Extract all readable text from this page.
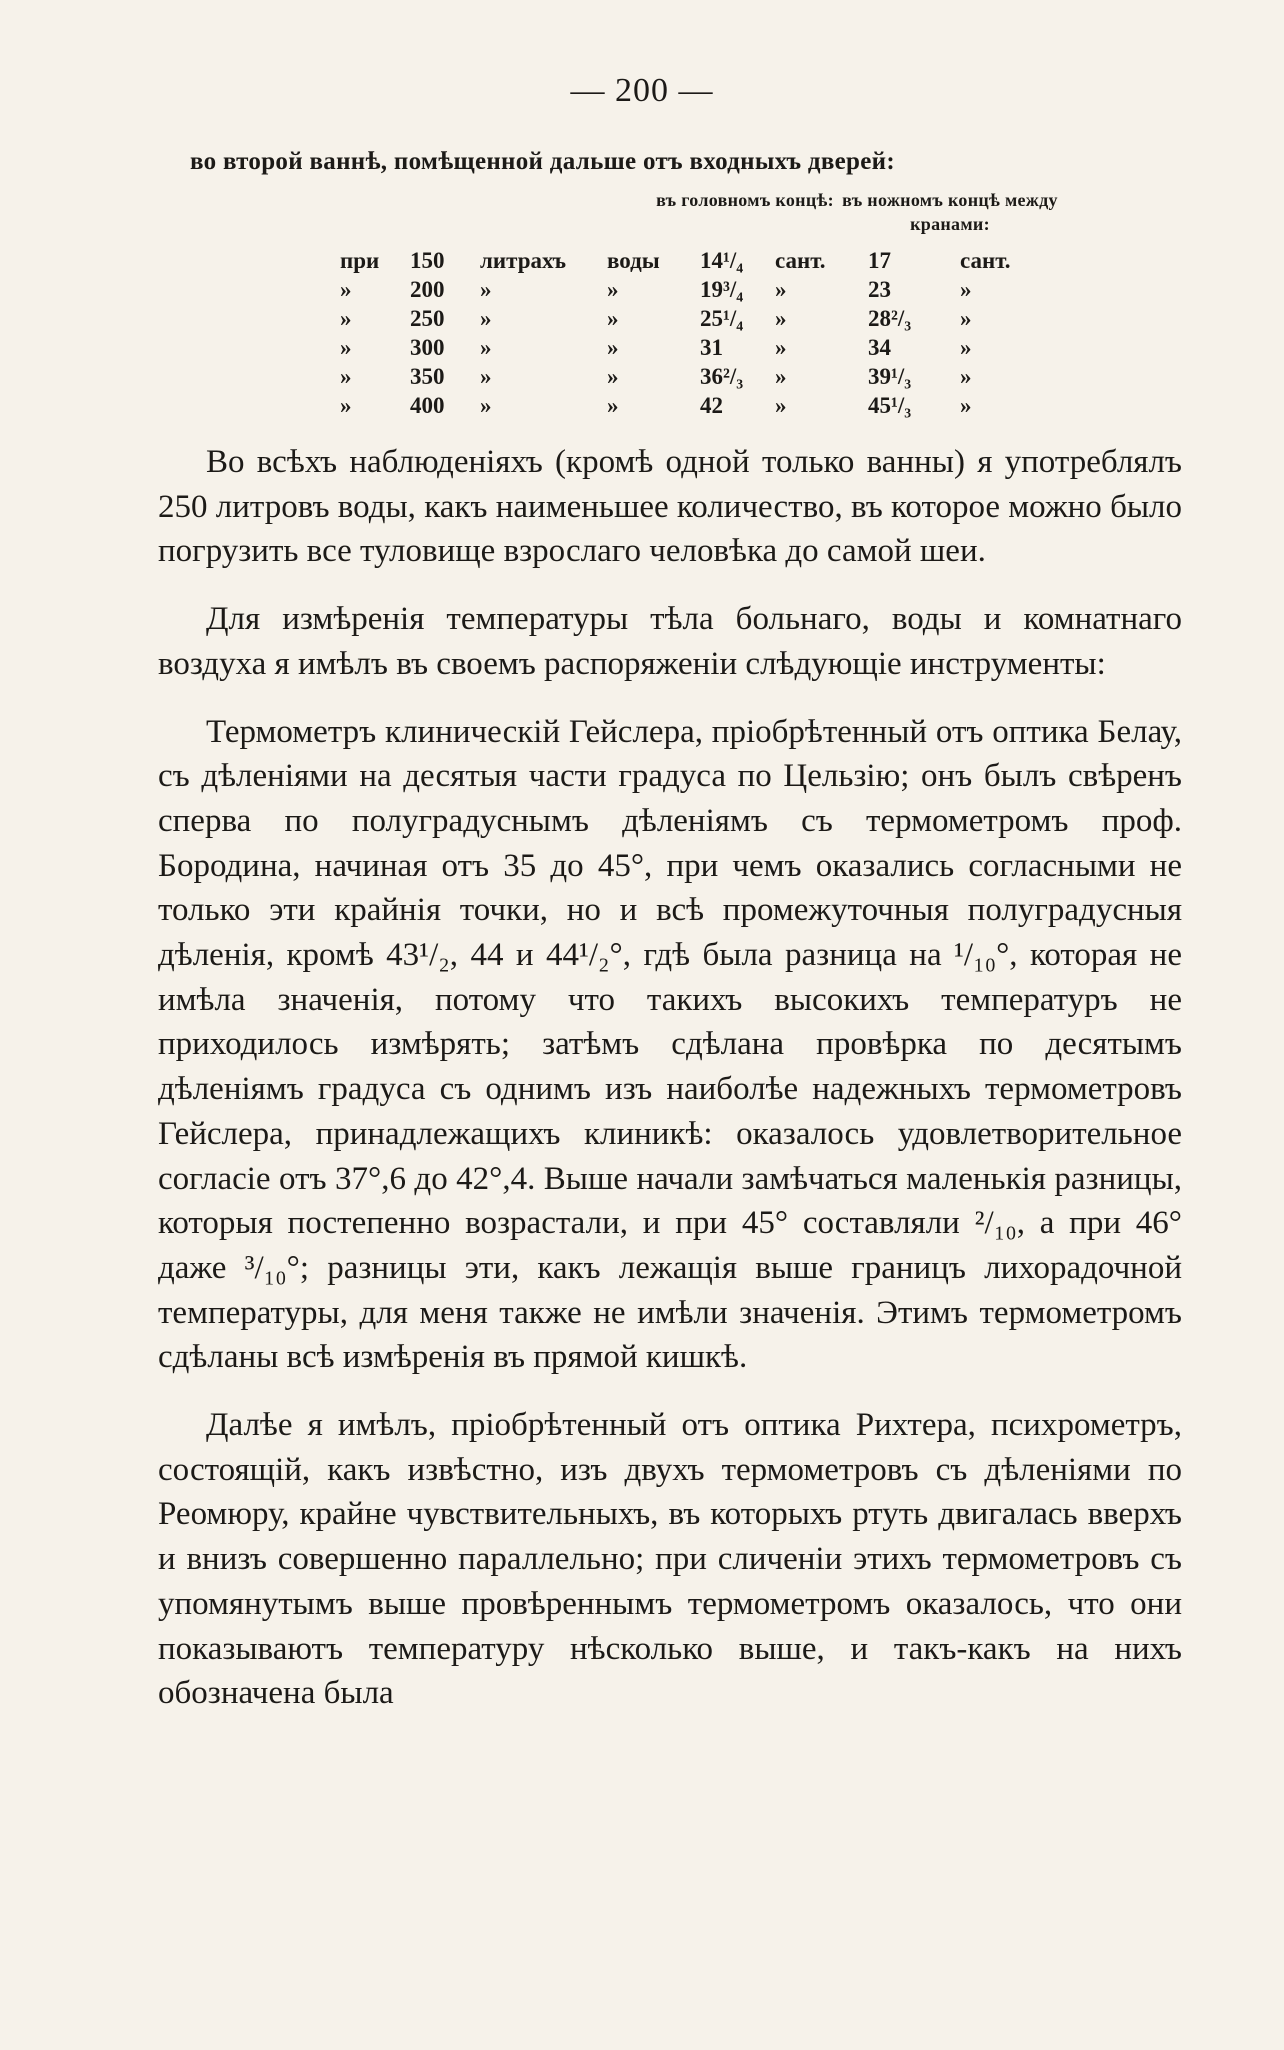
— 200 —
во второй ваннѣ, помѣщенной дальше отъ входныхъ дверей:
въ головномъ концѣ: въ ножномъ концѣ между кранами:
при 150 литрахъ воды 14¹/₄ сант. 17	сант.
»	200 »	»	19³/₄ »	23	»
»	250 »	»	25¹/₄ »	28²/₃ »
»	300 »	»	31 »	34	»
»	350 »	»	36²/₃ »	39¹/₃ »
»	400 »	»	42 »	45¹/₃ »

Во всѣхъ наблюденіяхъ (кромѣ одной только ванны) я употреблялъ 250 литровъ воды, какъ наименьшее количество, въ которое можно было погрузить все туловище взрослаго человѣка до самой шеи.

Для измѣренія температуры тѣла больнаго, воды и комнатнаго воздуха я имѣлъ въ своемъ распоряженіи слѣдующіе инструменты:

Термометръ клиническій Гейслера, пріобрѣтенный отъ оптика Белау, съ дѣленіями на десятыя части градуса по Цельзію; онъ былъ свѣренъ сперва по полуградуснымъ дѣленіямъ съ термометромъ проф. Бородина, начиная отъ 35 до 45°, при чемъ оказались согласными не только эти крайнія точки, но и всѣ промежуточныя полуградусныя дѣленія, кромѣ 43¹/₂, 44 и 44¹/₂°, гдѣ была разница на ¹/₁₀°, которая не имѣла значенія, потому что такихъ высокихъ температуръ не приходилось измѣрять; затѣмъ сдѣлана провѣрка по десятымъ дѣленіямъ градуса съ однимъ изъ наиболѣе надежныхъ термометровъ Гейслера, принадлежащихъ клиникѣ: оказалось удовлетворительное согласіе отъ 37°,6 до 42°,4. Выше начали замѣчаться маленькія разницы, которыя постепенно возрастали, и при 45° составляли ²/₁₀, а при 46° даже ³/₁₀°; разницы эти, какъ лежащія выше границъ лихорадочной температуры, для меня также не имѣли значенія. Этимъ термометромъ сдѣланы всѣ измѣренія въ прямой кишкѣ.

Далѣе я имѣлъ, пріобрѣтенный отъ оптика Рихтера, психрометръ, состоящій, какъ извѣстно, изъ двухъ термометровъ съ дѣленіями по Реомюру, крайне чувствительныхъ, въ которыхъ ртуть двигалась вверхъ и внизъ совершенно параллельно; при сличеніи этихъ термометровъ съ упомянутымъ выше провѣреннымъ термометромъ оказалось, что они показываютъ температуру нѣсколько выше, и такъ-какъ на нихъ обозначена была
